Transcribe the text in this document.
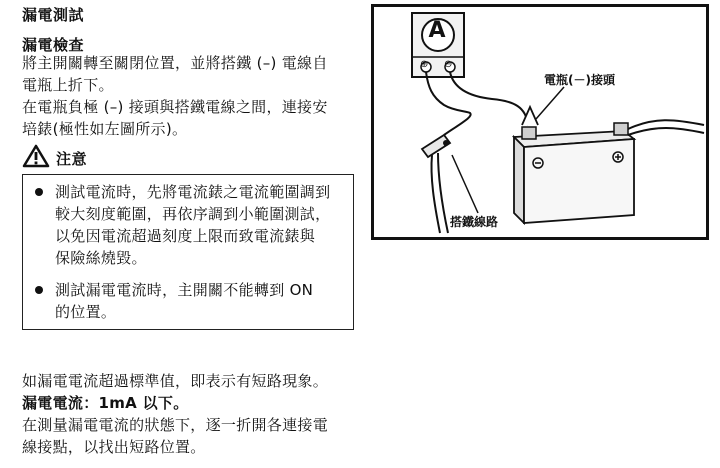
漏電測試
漏電檢查
將主開關轉至關閉位置，並將搭鐵 (–) 電線自
電瓶上折下。
在電瓶負極 (–) 接頭與搭鐵電線之間，連接安
培錶(極性如左圖所示)。
注意
測試電流時，先將電流錶之電流範圍調到
較大刻度範圍，再依序調到小範圍測試，
以免因電流超過刻度上限而致電流錶與
保險絲燒毀。
測試漏電電流時，主開關不能轉到 ON
的位置。
如漏電電流超過標準值，即表示有短路現象。
漏電電流：1mA 以下。
在測量漏電電流的狀態下，逐一折開各連接電
線接點，以找出短路位置。
A
⊕ ⊖
電瓶(－)接頭
搭鐵線路
